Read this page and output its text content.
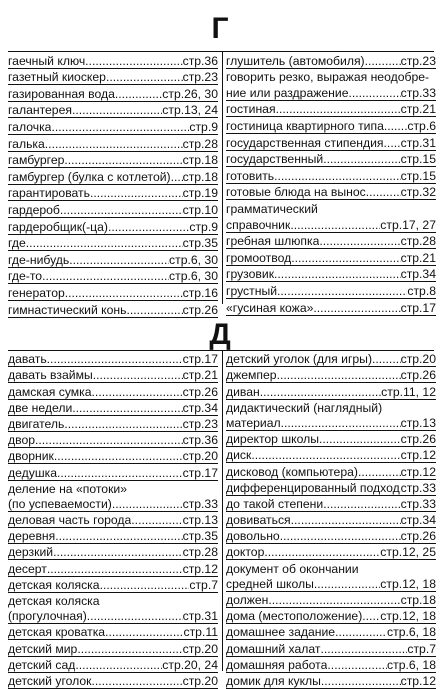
Г
гаечный ключ .....	стр.36
газетный киоскер .....	стр.23
газированная вода .....	стр.26, 30
галантерея .....	стр.13, 24
галочка .....	стр.9
галька .....	стр.28
гамбургер .....	стр.18
гамбургер (булка с котлетой) ..... стр.18
гарантировать .....	стр.19
гардероб .....	стр.10
гардеробщик(-ца) .....	стр.9
где .....	стр.35
где-нибудь .....	стр.6, 30
где-то .....	стр.6, 30
генератор .....	стр.16
гимнастический конь .....	стр.26
глушитель (автомобиля) .....	стр.23
говорить резко, выражая неодобре-
ние или раздражение .....	стр.33
гостиная .....	стр.21
гостиница квартирного типа ..... стр.6
государственная стипендия ..... стр.31
государственный .....	стр.15
готовить .....	стр.15
готовые блюда на вынос .....	стр.32
грамматический
справочник .....	стр.17, 27
гребная шлюпка .....	стр.28
громоотвод .....	стр.21
грузовик .....	стр.34
грустный .....	стр.8
«гусиная кожа» .....	стр.17
Д
давать .....	стр.17
давать взаймы .....	стр.21
дамская сумка .....	стр.26
две недели .....	стр.34
двигатель .....	стр.23
двор .....	стр.36
дворник .....	стр.20
дедушка .....	стр.17
деление на «потоки»
(по успеваемости) .....	стр.33
деловая часть города .....	стр.13
деревня .....	стр.35
дерзкий .....	стр.28
десерт .....	стр.12
детская коляска .....	стр.7
детская коляска
(прогулочная) .....	стр.31
детская кроватка .....	стр.11
детский мир .....	стр.20
детский сад .....	стр.20, 24
детский уголок .....	стр.20
детский уголок (для игры) ..... стр.20
джемпер .....	стр.26
диван .....	стр.11, 12
дидактический (наглядный)
материал .....	стр.13
директор школы .....	стр.26
диск .....	стр.12
дисковод (компьютера) .....	стр.12
дифференцированный подход ..... стр.33
до такой степени .....	стр.33
довиваться .....	стр.34
довольно .....	стр.26
доктор .....	стр.12, 25
документ об окончании
средней школы .....	стр.12, 18
должен .....	стр.18
дома (местоположение) ..... стр.12, 18
домашнее задание .....	стр.6, 18
домашний халат .....	стр.7
домашняя работа .....	стр.6, 18
домик для куклы .....	стр.12
